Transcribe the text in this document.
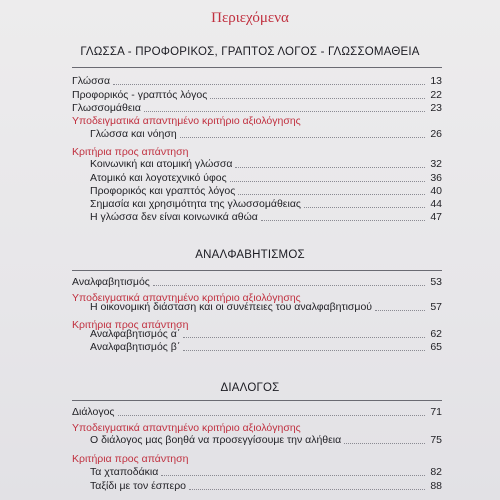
Περιεχόμενα
ΓΛΩΣΣΑ - ΠΡΟΦΟΡΙΚΟΣ, ΓΡΑΠΤΟΣ ΛΟΓΟΣ - ΓΛΩΣΣΟΜΑΘΕΙΑ
Γλώσσα	13
Προφορικός - γραπτός λόγος	22
Γλωσσομάθεια	23
Υποδειγματικά απαντημένο κριτήριο αξιολόγησης
Γλώσσα και νόηση	26
Κριτήρια προς απάντηση
Κοινωνική και ατομική γλώσσα	32
Ατομικό και λογοτεχνικό ύφος	36
Προφορικός και γραπτός λόγος	40
Σημασία και χρησιμότητα της γλωσσομάθειας	44
Η γλώσσα δεν είναι κοινωνικά αθώα	47
ΑΝΑΛΦΑΒΗΤΙΣΜΟΣ
Αναλφαβητισμός	53
Υποδειγματικά απαντημένο κριτήριο αξιολόγησης
Η οικονομική διάσταση και οι συνέπειες του αναλφαβητισμού	57
Κριτήρια προς απάντηση
Αναλφαβητισμός α΄	62
Αναλφαβητισμός β΄	65
ΔΙΑΛΟΓΟΣ
Διάλογος	71
Υποδειγματικά απαντημένο κριτήριο αξιολόγησης
Ο διάλογος μας βοηθά να προσεγγίσουμε την αλήθεια	75
Κριτήρια προς απάντηση
Τα χταποδάκια	82
Ταξίδι με τον έσπερο	88
